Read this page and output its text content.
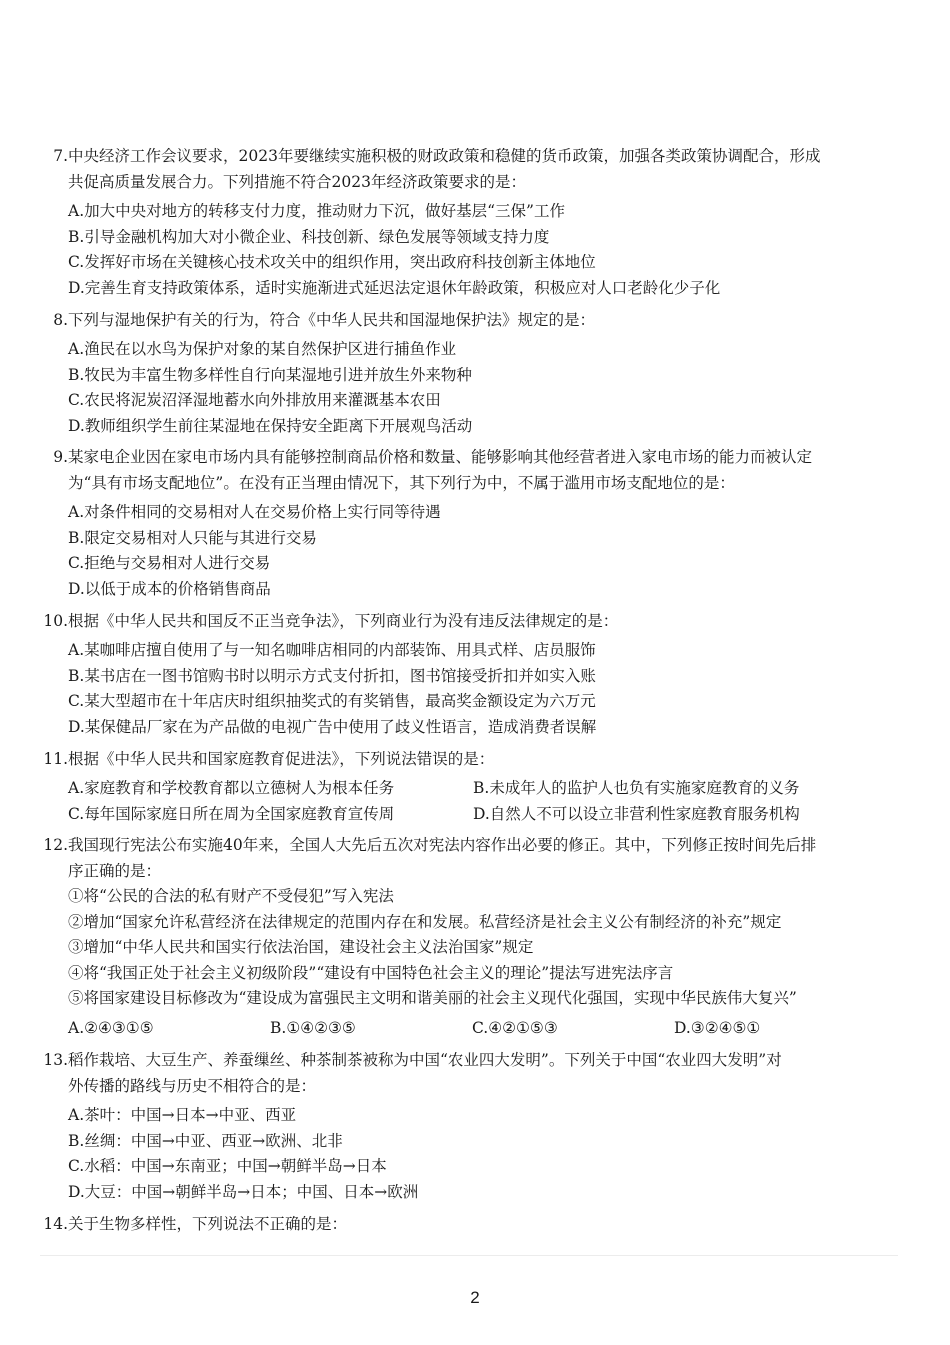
7. 中央经济工作会议要求，2023年要继续实施积极的财政政策和稳健的货币政策，加强各类政策协调配合，形成
共促高质量发展合力。下列措施不符合2023年经济政策要求的是：
A.加大中央对地方的转移支付力度，推动财力下沉，做好基层“三保”工作
B.引导金融机构加大对小微企业、科技创新、绿色发展等领域支持力度
C.发挥好市场在关键核心技术攻关中的组织作用，突出政府科技创新主体地位
D.完善生育支持政策体系，适时实施渐进式延迟法定退休年龄政策，积极应对人口老龄化少子化
8. 下列与湿地保护有关的行为，符合《中华人民共和国湿地保护法》规定的是：
A.渔民在以水鸟为保护对象的某自然保护区进行捕鱼作业
B.牧民为丰富生物多样性自行向某湿地引进并放生外来物种
C.农民将泥炭沼泽湿地蓄水向外排放用来灌溉基本农田
D.教师组织学生前往某湿地在保持安全距离下开展观鸟活动
9. 某家电企业因在家电市场内具有能够控制商品价格和数量、能够影响其他经营者进入家电市场的能力而被认定
为“具有市场支配地位”。在没有正当理由情况下，其下列行为中，不属于滥用市场支配地位的是：
A.对条件相同的交易相对人在交易价格上实行同等待遇
B.限定交易相对人只能与其进行交易
C.拒绝与交易相对人进行交易
D.以低于成本的价格销售商品
10. 根据《中华人民共和国反不正当竞争法》，下列商业行为没有违反法律规定的是：
A.某咖啡店擅自使用了与一知名咖啡店相同的内部装饰、用具式样、店员服饰
B.某书店在一图书馆购书时以明示方式支付折扣，图书馆接受折扣并如实入账
C.某大型超市在十年店庆时组织抽奖式的有奖销售，最高奖金额设定为六万元
D.某保健品厂家在为产品做的电视广告中使用了歧义性语言，造成消费者误解
11. 根据《中华人民共和国家庭教育促进法》，下列说法错误的是：
A.家庭教育和学校教育都以立德树人为根本任务	B.未成年人的监护人也负有实施家庭教育的义务
C.每年国际家庭日所在周为全国家庭教育宣传周	D.自然人不可以设立非营利性家庭教育服务机构
12. 我国现行宪法公布实施40年来，全国人大先后五次对宪法内容作出必要的修正。其中，下列修正按时间先后排
序正确的是：
①将“公民的合法的私有财产不受侵犯”写入宪法
②增加“国家允许私营经济在法律规定的范围内存在和发展。私营经济是社会主义公有制经济的补充”规定
③增加“中华人民共和国实行依法治国，建设社会主义法治国家”规定
④将“我国正处于社会主义初级阶段”“建设有中国特色社会主义的理论”提法写进宪法序言
⑤将国家建设目标修改为“建设成为富强民主文明和谐美丽的社会主义现代化强国，实现中华民族伟大复兴”
A.②④③①⑤	B.①④②③⑤	C.④②①⑤③	D.③②④⑤①
13. 稻作栽培、大豆生产、养蚕缫丝、种茶制茶被称为中国“农业四大发明”。下列关于中国“农业四大发明”对
外传播的路线与历史不相符合的是：
A.茶叶：中国→日本→中亚、西亚
B.丝绸：中国→中亚、西亚→欧洲、北非
C.水稻：中国→东南亚；中国→朝鲜半岛→日本
D.大豆：中国→朝鲜半岛→日本；中国、日本→欧洲
14. 关于生物多样性，下列说法不正确的是：
2
